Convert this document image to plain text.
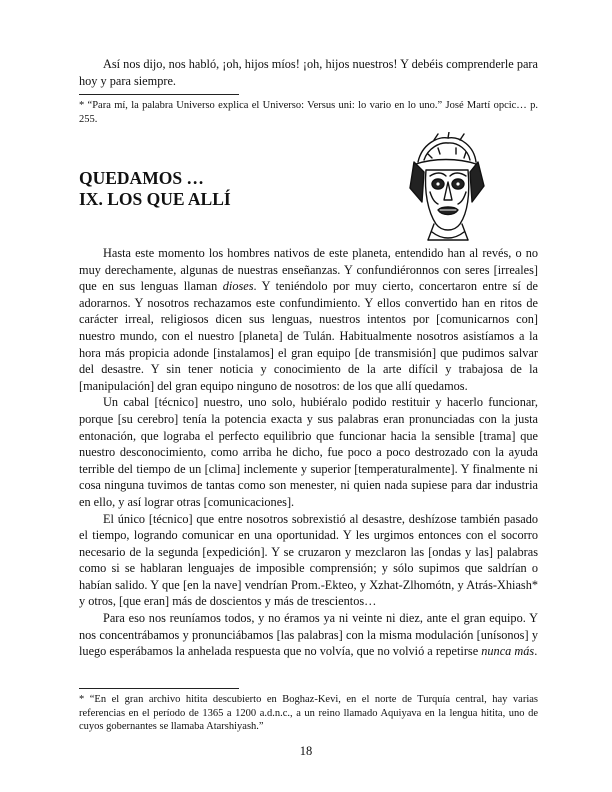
Así nos dijo, nos habló, ¡oh, hijos míos! ¡oh, hijos nuestros! Y debéis comprenderle para hoy y para siempre.

* “Para mí, la palabra Universo explica el Universo: Versus uni: lo vario en lo uno.” José Martí opcic… p. 255.

QUEDAMOS …
IX. LOS QUE ALLÍ

Hasta este momento los hombres nativos de este planeta, entendido han al revés, o no muy derechamente, algunas de nuestras enseñanzas. Y confundiéronnos con seres [irreales] que en sus lenguas llaman dioses. Y teniéndolo por muy cierto, concertaron entre sí de adorarnos. Y nosotros rechazamos este confundimiento. Y ellos convertido han en ritos de carácter irreal, religiosos dicen sus lenguas, nuestros intentos por [comunicarnos con] nuestro mundo, con el nuestro [planeta] de Tulán. Habitualmente nosotros asistíamos a la hora más propicia adonde [instalamos] el gran equipo [de transmisión] que pudimos salvar del desastre. Y sin tener noticia y conocimiento de la arte difícil y trabajosa de la [manipulación] del gran equipo ninguno de nosotros: de los que allí quedamos.

Un cabal [técnico] nuestro, uno solo, hubiéralo podido restituir y hacerlo funcionar, porque [su cerebro] tenía la potencia exacta y sus palabras eran pronunciadas con la justa entonación, que lograba el perfecto equilibrio que funcionar hacia la sensible [trama] que nuestro desconocimiento, como arriba he dicho, fue poco a poco destrozado con la ayuda terrible del tiempo de un [clima] inclemente y superior [temperaturalmente]. Y finalmente ni cosa ninguna tuvimos de tantas como son menester, ni quien nada supiese para dar industria en ello, y así lograr otras [comunicaciones].

El único [técnico] que entre nosotros sobrexistió al desastre, deshízose también pasado el tiempo, logrando comunicar en una oportunidad. Y les urgimos entonces con el socorro necesario de la segunda [expedición]. Y se cruzaron y mezclaron las [ondas y las] palabras como si se hablaran lenguajes de imposible comprensión; y sólo supimos que saldrían o habían salido. Y que [en la nave] vendrían Prom.-Ekteo, y Xzhat-Zlhomótn, y Atrás-Xhiash* y otros, [que eran] más de doscientos y más de trescientos…

Para eso nos reuníamos todos, y no éramos ya ni veinte ni diez, ante el gran equipo. Y nos concentrábamos y pronunciábamos [las palabras] con la misma modulación [unísonos] y luego esperábamos la anhelada respuesta que no volvía, que no volvió a repetirse nunca más.

* “En el gran archivo hitita descubierto en Boghaz-Kevi, en el norte de Turquía central, hay varias referencias en el período de 1365 a 1200 a.d.n.c., a un reino llamado Aquiyava en la lengua hitita, uno de cuyos gobernantes se llamaba Atarshiyash.”

18
